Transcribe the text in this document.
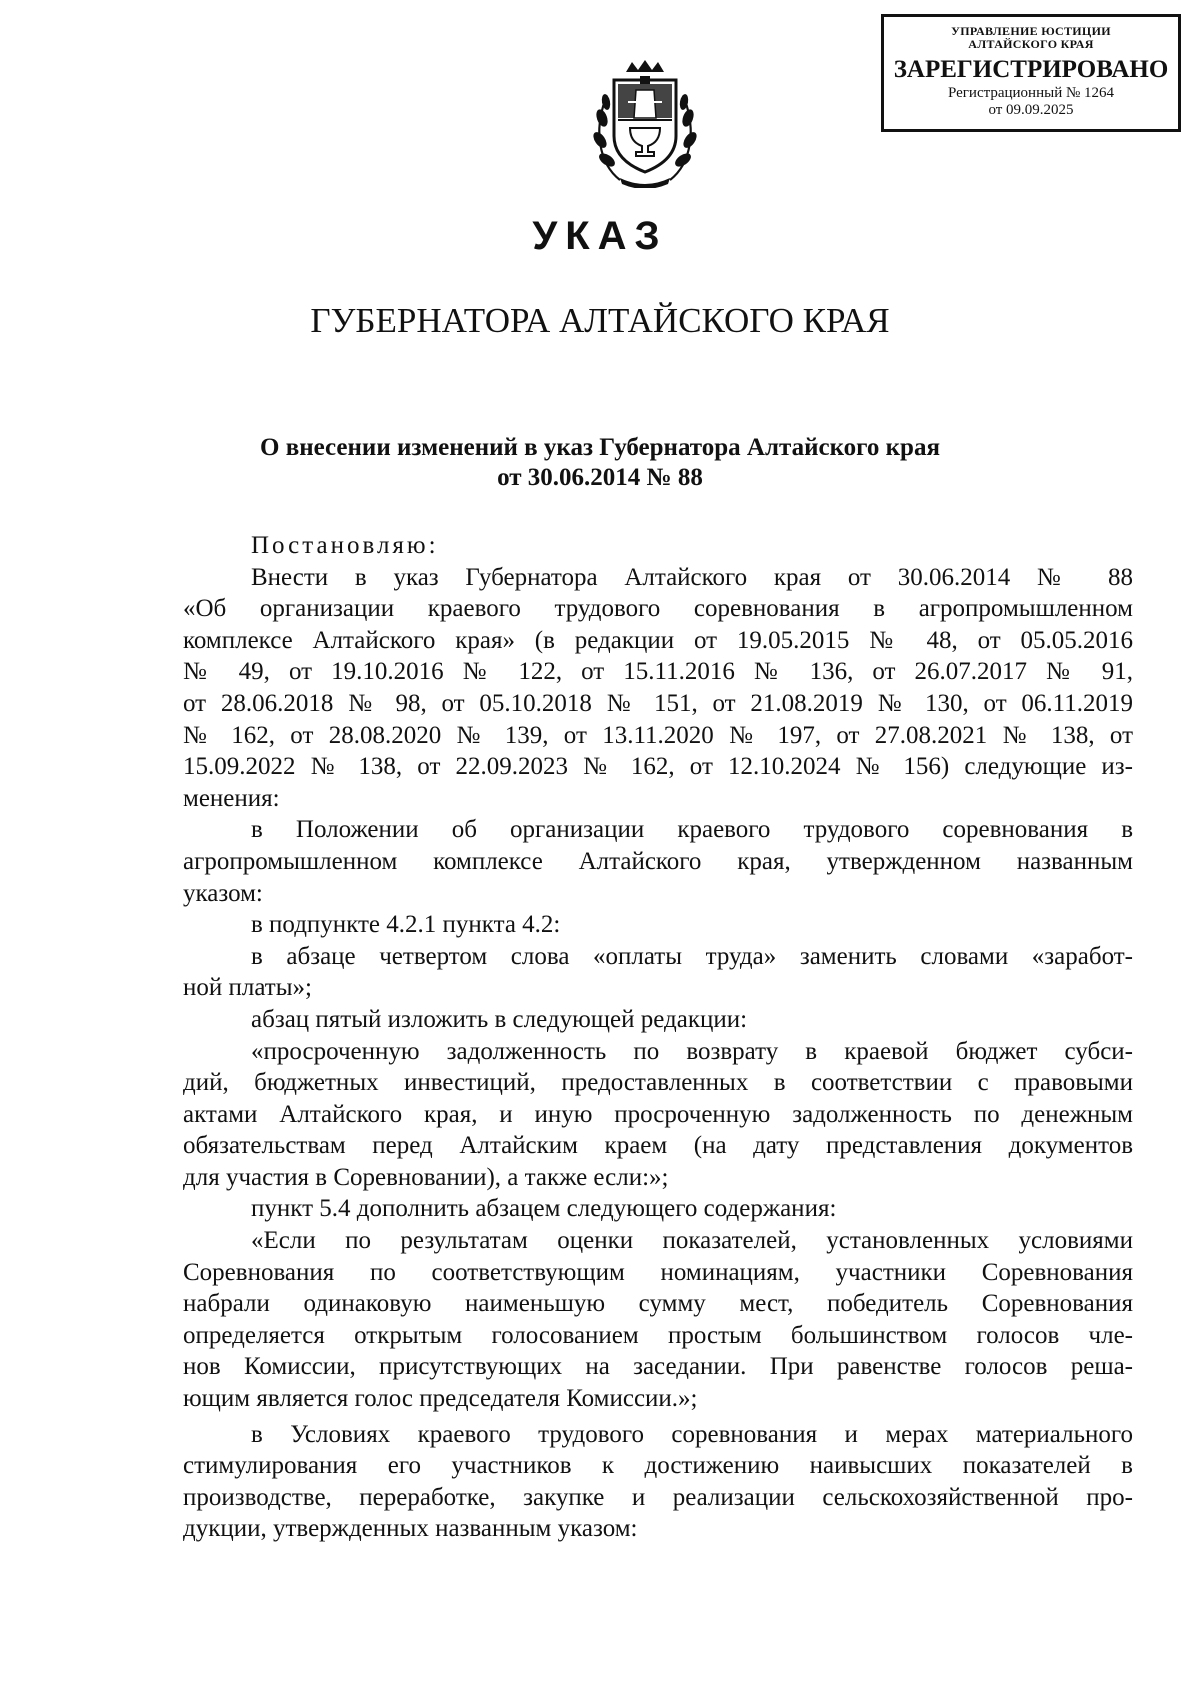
УПРАВЛЕНИЕ ЮСТИЦИИ
АЛТАЙСКОГО КРАЯ
ЗАРЕГИСТРИРОВАНО
Регистрационный № 1264
от 09.09.2025
УКАЗ
ГУБЕРНАТОРА АЛТАЙСКОГО КРАЯ
О внесении изменений в указ Губернатора Алтайского края
от 30.06.2014 № 88
Постановляю:
Внести в указ Губернатора Алтайского края от 30.06.2014 № 88
«Об организации краевого трудового соревнования в агропромышленном
комплексе Алтайского края» (в редакции от 19.05.2015 № 48, от 05.05.2016
№ 49, от 19.10.2016 № 122, от 15.11.2016 № 136, от 26.07.2017 № 91,
от 28.06.2018 № 98, от 05.10.2018 № 151, от 21.08.2019 № 130, от 06.11.2019
№ 162, от 28.08.2020 № 139, от 13.11.2020 № 197, от 27.08.2021 № 138, от
15.09.2022 № 138, от 22.09.2023 № 162, от 12.10.2024 № 156) следующие из-
менения:
в Положении об организации краевого трудового соревнования в
агропромышленном комплексе Алтайского края, утвержденном названным
указом:
в подпункте 4.2.1 пункта 4.2:
в абзаце четвертом слова «оплаты труда» заменить словами «заработ-
ной платы»;
абзац пятый изложить в следующей редакции:
«просроченную задолженность по возврату в краевой бюджет субси-
дий, бюджетных инвестиций, предоставленных в соответствии с правовыми
актами Алтайского края, и иную просроченную задолженность по денежным
обязательствам перед Алтайским краем (на дату представления документов
для участия в Соревновании), а также если:»;
пункт 5.4 дополнить абзацем следующего содержания:
«Если по результатам оценки показателей, установленных условиями
Соревнования по соответствующим номинациям, участники Соревнования
набрали одинаковую наименьшую сумму мест, победитель Соревнования
определяется открытым голосованием простым большинством голосов чле-
нов Комиссии, присутствующих на заседании. При равенстве голосов реша-
ющим является голос председателя Комиссии.»;
в Условиях краевого трудового соревнования и мерах материального
стимулирования его участников к достижению наивысших показателей в
производстве, переработке, закупке и реализации сельскохозяйственной про-
дукции, утвержденных названным указом:
